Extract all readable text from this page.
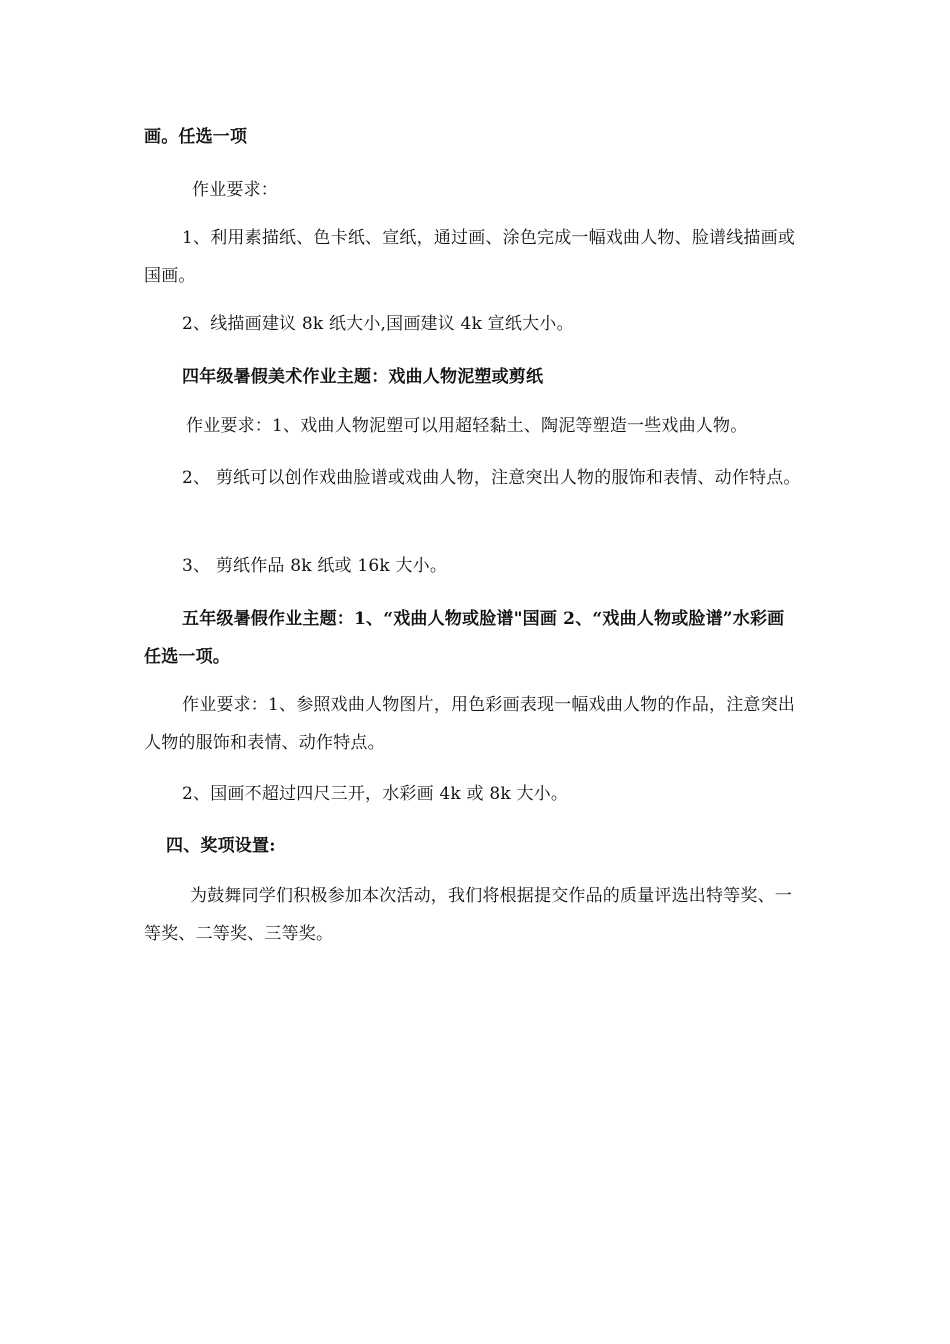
画。任选一项
作业要求：
1、利用素描纸、色卡纸、宣纸，通过画、涂色完成一幅戏曲人物、脸谱线描画或国画。
2、线描画建议 8k 纸大小,国画建议 4k 宣纸大小。
四年级暑假美术作业主题：戏曲人物泥塑或剪纸
作业要求：1、戏曲人物泥塑可以用超轻黏土、陶泥等塑造一些戏曲人物。
2、 剪纸可以创作戏曲脸谱或戏曲人物，注意突出人物的服饰和表情、动作特点。
3、 剪纸作品 8k 纸或 16k 大小。
五年级暑假作业主题：1、“戏曲人物或脸谱"国画 2、“戏曲人物或脸谱”水彩画 任选一项。
作业要求：1、参照戏曲人物图片，用色彩画表现一幅戏曲人物的作品，注意突出人物的服饰和表情、动作特点。
2、国画不超过四尺三开，水彩画 4k 或 8k 大小。
四、奖项设置:
为鼓舞同学们积极参加本次活动，我们将根据提交作品的质量评选出特等奖、一等奖、二等奖、三等奖。
